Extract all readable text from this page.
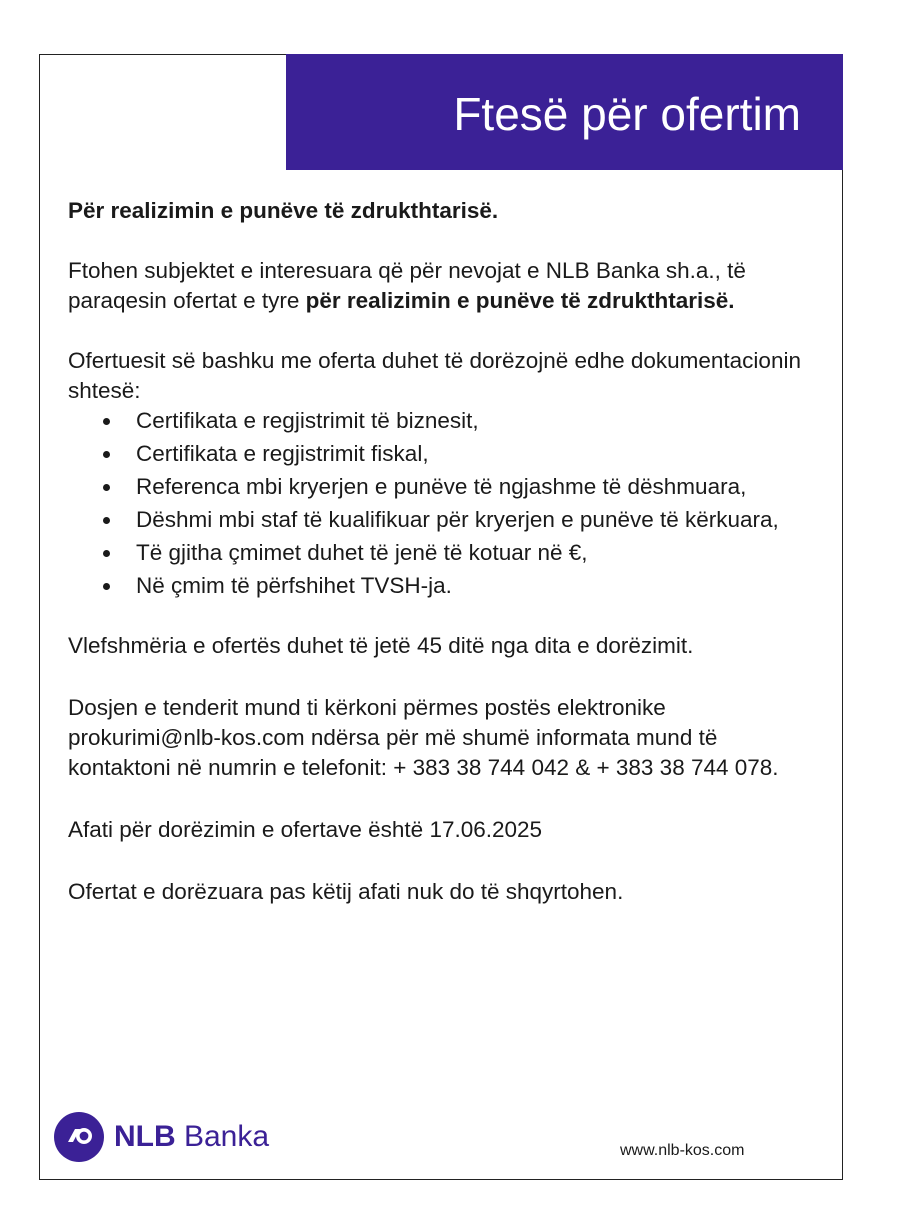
Ftesë për ofertim

Për realizimin e punëve të zdrukthtarisë.

Ftohen subjektet e interesuara që për nevojat e NLB Banka sh.a., të paraqesin ofertat e tyre për realizimin e punëve të zdrukthtarisë.

Ofertuesit së bashku me oferta duhet të dorëzojnë edhe dokumentacionin shtesë:

Certifikata e regjistrimit të biznesit,
Certifikata e regjistrimit fiskal,
Referenca mbi kryerjen e punëve të ngjashme të dëshmuara,
Dëshmi mbi staf të kualifikuar për kryerjen e punëve të kërkuara,
Të gjitha çmimet duhet të jenë të kotuar në €,
Në çmim të përfshihet TVSH-ja.

Vlefshmëria e ofertës duhet të jetë 45 ditë nga dita e dorëzimit.

Dosjen e tenderit mund ti kërkoni përmes postës elektronike prokurimi@nlb-kos.com ndërsa për më shumë informata mund të kontaktoni në numrin e telefonit: + 383 38 744 042 & + 383 38 744 078.

Afati për dorëzimin e ofertave është 17.06.2025

Ofertat e dorëzuara pas këtij afati nuk do të shqyrtohen.

NLB Banka	www.nlb-kos.com
